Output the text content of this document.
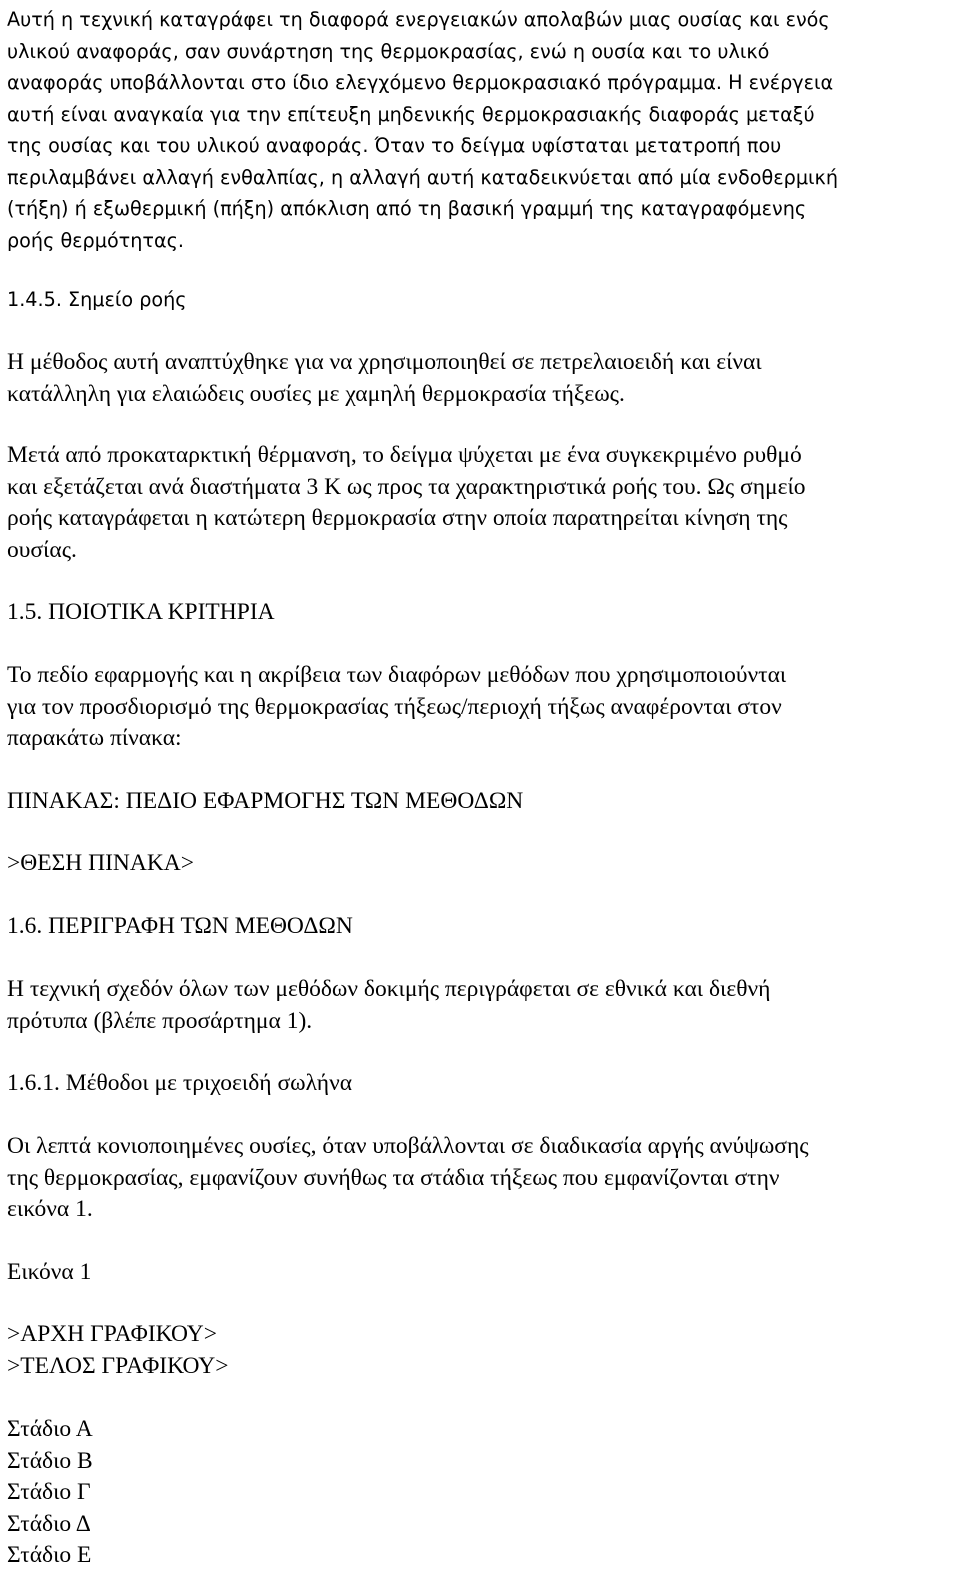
Αυτή η τεχνική καταγράφει τη διαφορά ενεργειακών απολαβών μιας ουσίας και ενός
υλικού αναφοράς, σαν συνάρτηση της θερμοκρασίας, ενώ η ουσία και το υλικό
αναφοράς υποβάλλονται στο ίδιο ελεγχόμενο θερμοκρασιακό πρόγραμμα. Η ενέργεια
αυτή είναι αναγκαία για την επίτευξη μηδενικής θερμοκρασιακής διαφοράς μεταξύ
της ουσίας και του υλικού αναφοράς. Όταν το δείγμα υφίσταται μετατροπή που
περιλαμβάνει αλλαγή ενθαλπίας, η αλλαγή αυτή καταδεικνύεται από μία ενδοθερμική
(τήξη) ή εξωθερμική (πήξη) απόκλιση από τη βασική γραμμή της καταγραφόμενης
ροής θερμότητας.
1.4.5. Σημείο ροής
Η μέθοδος αυτή αναπτύχθηκε για να χρησιμοποιηθεί σε πετρελαιοειδή και είναι
κατάλληλη για ελαιώδεις ουσίες με χαμηλή θερμοκρασία τήξεως.
Μετά από προκαταρκτική θέρμανση, το δείγμα ψύχεται με ένα συγκεκριμένο ρυθμό
και εξετάζεται ανά διαστήματα 3 Κ ως προς τα χαρακτηριστικά ροής του. Ως σημείο
ροής καταγράφεται η κατώτερη θερμοκρασία στην οποία παρατηρείται κίνηση της
ουσίας.
1.5. ΠΟΙΟΤΙΚΑ ΚΡΙΤΗΡΙΑ
Το πεδίο εφαρμογής και η ακρίβεια των διαφόρων μεθόδων που χρησιμοποιούνται
για τον προσδιορισμό της θερμοκρασίας τήξεως/περιοχή τήξως αναφέρονται στον
παρακάτω πίνακα:
ΠΙΝΑΚΑΣ: ΠΕΔΙΟ ΕΦΑΡΜΟΓΗΣ ΤΩΝ ΜΕΘΟΔΩΝ
>ΘΕΣΗ ΠΙΝΑΚΑ>
1.6. ΠΕΡΙΓΡΑΦΗ ΤΩΝ ΜΕΘΟΔΩΝ
Η τεχνική σχεδόν όλων των μεθόδων δοκιμής περιγράφεται σε εθνικά και διεθνή
πρότυπα (βλέπε προσάρτημα 1).
1.6.1. Μέθοδοι με τριχοειδή σωλήνα
Οι λεπτά κονιοποιημένες ουσίες, όταν υποβάλλονται σε διαδικασία αργής ανύψωσης
της θερμοκρασίας, εμφανίζουν συνήθως τα στάδια τήξεως που εμφανίζονται στην
εικόνα 1.
Εικόνα 1
>ΑΡΧΗ ΓΡΑΦΙΚΟΥ>
>ΤΕΛΟΣ ΓΡΑΦΙΚΟΥ>
Στάδιο Α
Στάδιο Β
Στάδιο Γ
Στάδιο Δ
Στάδιο Ε
